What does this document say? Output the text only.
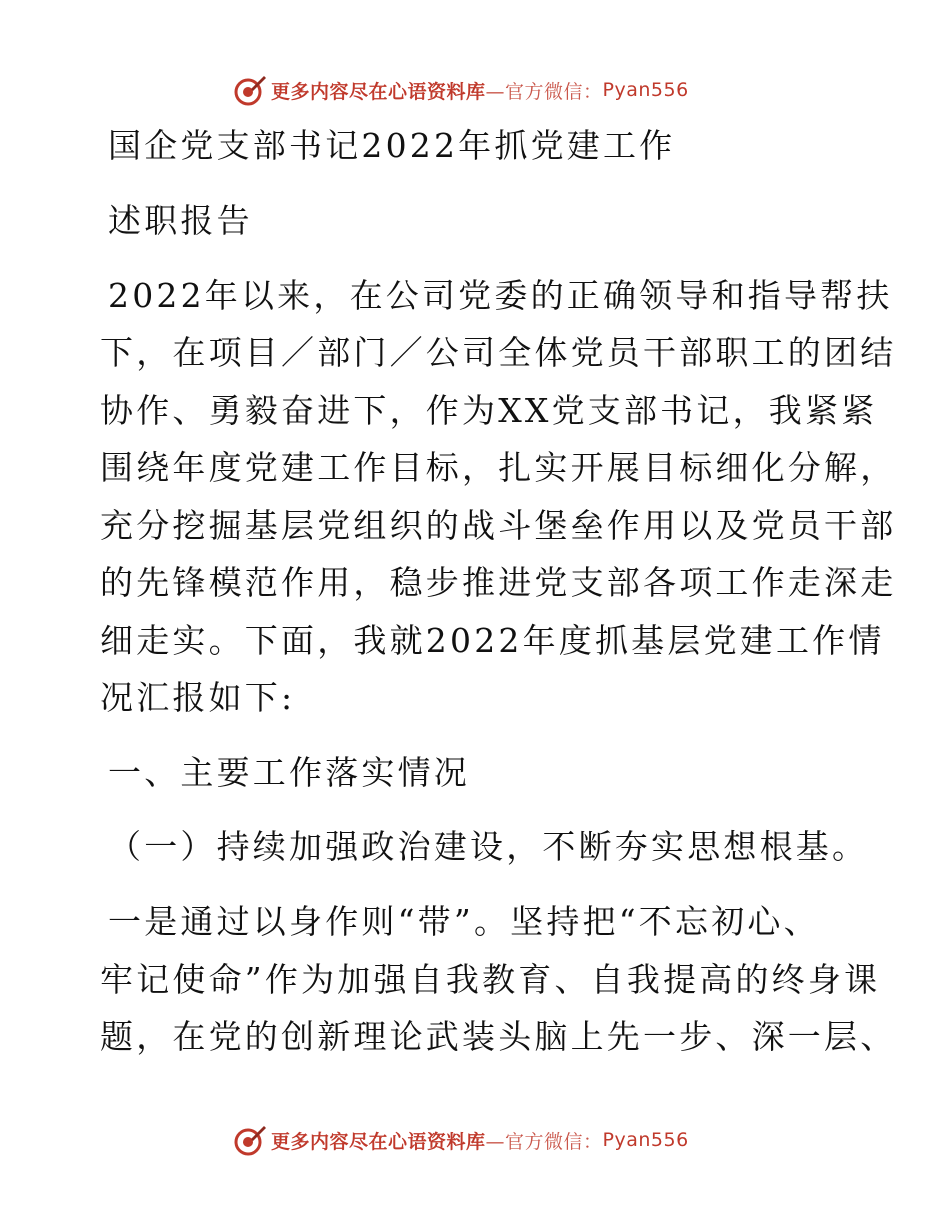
更多内容尽在心语资料库 —官方微信： Pyan556
国企党支部书记2022年抓党建工作
述职报告
2022年以来，在公司党委的正确领导和指导帮扶
下，在项目／部门／公司全体党员干部职工的团结
协作、勇毅奋进下，作为XX党支部书记，我紧紧
围绕年度党建工作目标，扎实开展目标细化分解，
充分挖掘基层党组织的战斗堡垒作用以及党员干部
的先锋模范作用，稳步推进党支部各项工作走深走
细走实。下面，我就2022年度抓基层党建工作情
况汇报如下:
一、主要工作落实情况
（一）持续加强政治建设，不断夯实思想根基。
一是通过以身作则“带”。坚持把“不忘初心、
牢记使命”作为加强自我教育、自我提高的终身课
题，在党的创新理论武装头脑上先一步、深一层、
更多内容尽在心语资料库 —官方微信： Pyan556
